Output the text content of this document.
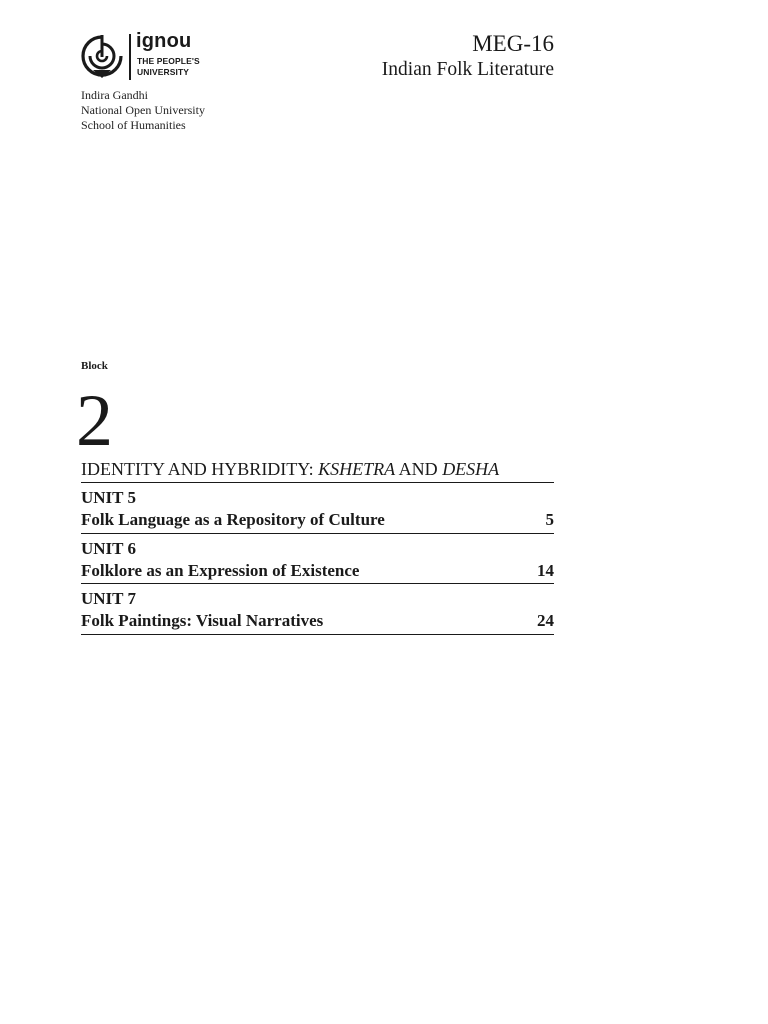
ignou
THE PEOPLE'S
UNIVERSITY
Indira Gandhi
National Open University
School of Humanities
MEG-16
Indian Folk Literature
Block
2
IDENTITY AND HYBRIDITY: KSHETRA AND DESHA
UNIT 5
Folk Language as a Repository of Culture	5
UNIT 6
Folklore as an Expression of Existence	14
UNIT 7
Folk Paintings: Visual Narratives	24
